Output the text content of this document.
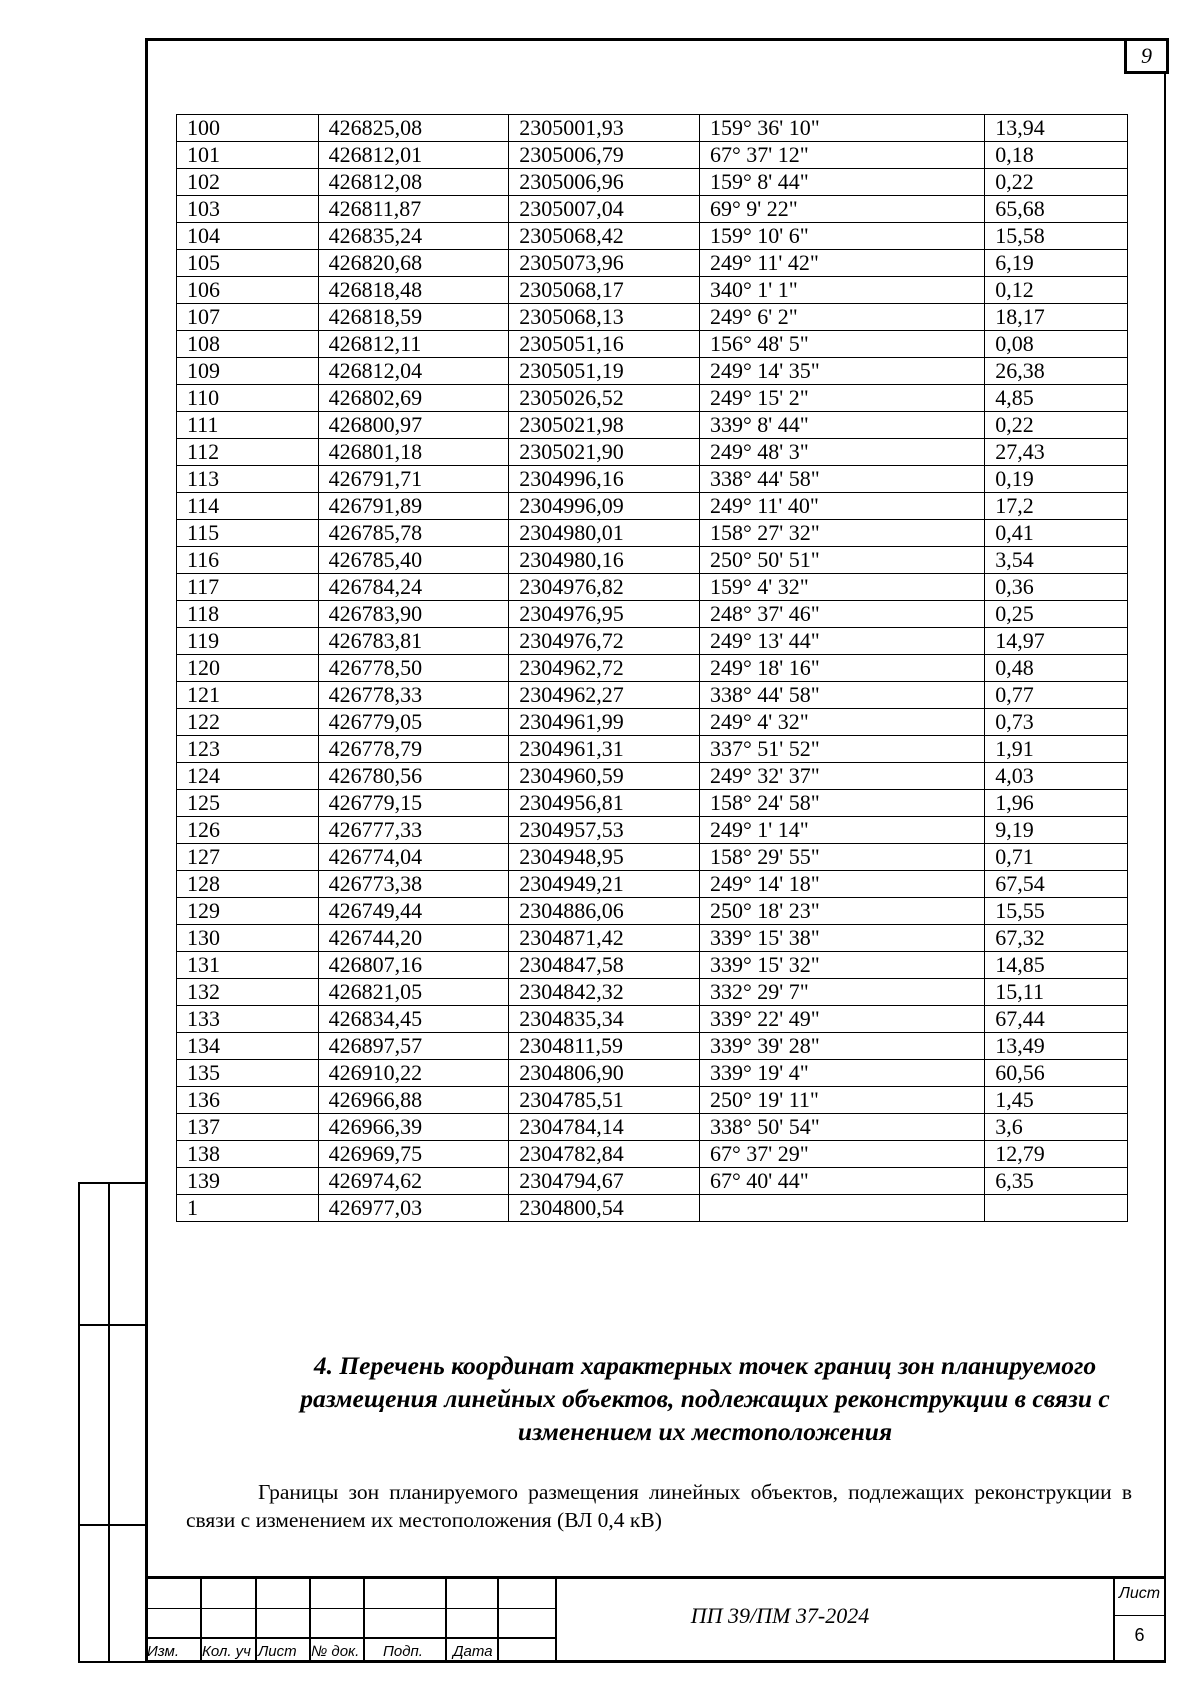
9
100	426825,08	2305001,93	159° 36' 10"	13,94
101	426812,01	2305006,79	67° 37' 12"	0,18
102	426812,08	2305006,96	159° 8' 44"	0,22
103	426811,87	2305007,04	69° 9' 22"	65,68
104	426835,24	2305068,42	159° 10' 6"	15,58
105	426820,68	2305073,96	249° 11' 42"	6,19
106	426818,48	2305068,17	340° 1' 1"	0,12
107	426818,59	2305068,13	249° 6' 2"	18,17
108	426812,11	2305051,16	156° 48' 5"	0,08
109	426812,04	2305051,19	249° 14' 35"	26,38
110	426802,69	2305026,52	249° 15' 2"	4,85
111	426800,97	2305021,98	339° 8' 44"	0,22
112	426801,18	2305021,90	249° 48' 3"	27,43
113	426791,71	2304996,16	338° 44' 58"	0,19
114	426791,89	2304996,09	249° 11' 40"	17,2
115	426785,78	2304980,01	158° 27' 32"	0,41
116	426785,40	2304980,16	250° 50' 51"	3,54
117	426784,24	2304976,82	159° 4' 32"	0,36
118	426783,90	2304976,95	248° 37' 46"	0,25
119	426783,81	2304976,72	249° 13' 44"	14,97
120	426778,50	2304962,72	249° 18' 16"	0,48
121	426778,33	2304962,27	338° 44' 58"	0,77
122	426779,05	2304961,99	249° 4' 32"	0,73
123	426778,79	2304961,31	337° 51' 52"	1,91
124	426780,56	2304960,59	249° 32' 37"	4,03
125	426779,15	2304956,81	158° 24' 58"	1,96
126	426777,33	2304957,53	249° 1' 14"	9,19
127	426774,04	2304948,95	158° 29' 55"	0,71
128	426773,38	2304949,21	249° 14' 18"	67,54
129	426749,44	2304886,06	250° 18' 23"	15,55
130	426744,20	2304871,42	339° 15' 38"	67,32
131	426807,16	2304847,58	339° 15' 32"	14,85
132	426821,05	2304842,32	332° 29' 7"	15,11
133	426834,45	2304835,34	339° 22' 49"	67,44
134	426897,57	2304811,59	339° 39' 28"	13,49
135	426910,22	2304806,90	339° 19' 4"	60,56
136	426966,88	2304785,51	250° 19' 11"	1,45
137	426966,39	2304784,14	338° 50' 54"	3,6
138	426969,75	2304782,84	67° 37' 29"	12,79
139	426974,62	2304794,67	67° 40' 44"	6,35
1	426977,03	2304800,54		
4. Перечень координат характерных точек границ зон планируемого размещения линейных объектов, подлежащих реконструкции в связи с изменением их местоположения
Границы зон планируемого размещения линейных объектов, подлежащих реконструкции в связи с изменением их местоположения (ВЛ 0,4 кВ)
Изм. Кол. уч Лист № док. Подп. Дата
ПП 39/ПМ 37-2024
Лист
6
